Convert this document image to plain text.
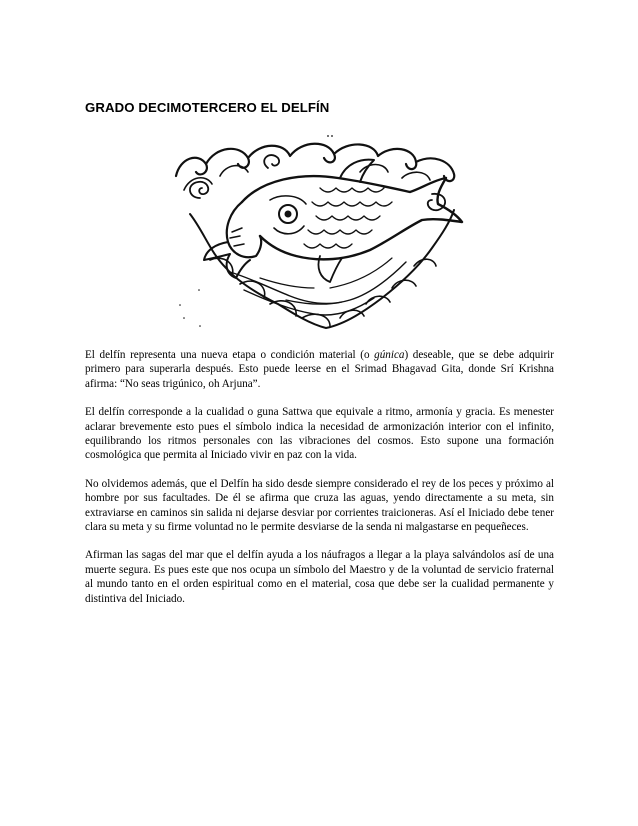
GRADO DECIMOTERCERO EL DELFÍN

El delfín representa una nueva etapa o condición material (o gúnica) deseable, que se debe adquirir primero para superarla después. Esto puede leerse en el Srimad Bhagavad Gita, donde Srí Krishna afirma: “No seas trigúnico, oh Arjuna”.

El delfín corresponde a la cualidad o guna Sattwa que equivale a ritmo, armonía y gracia. Es menester aclarar brevemente esto pues el símbolo indica la necesidad de armonización interior con el infinito, equilibrando los ritmos personales con las vibraciones del cosmos. Esto supone una formación cosmológica que permita al Iniciado vivir en paz con la vida.

No olvidemos además, que el Delfín ha sido desde siempre considerado el rey de los peces y próximo al hombre por sus facultades. De él se afirma que cruza las aguas, yendo directamente a su meta, sin extraviarse en caminos sin salida ni dejarse desviar por corrientes traicioneras. Así el Iniciado debe tener clara su meta y su firme voluntad no le permite desviarse de la senda ni malgastarse en pequeñeces.

Afirman las sagas del mar que el delfín ayuda a los náufragos a llegar a la playa salvándolos así de una muerte segura. Es pues este que nos ocupa un símbolo del Maestro y de la voluntad de servicio fraternal al mundo tanto en el orden espiritual como en el material, cosa que debe ser la cualidad permanente y distintiva del Iniciado.
